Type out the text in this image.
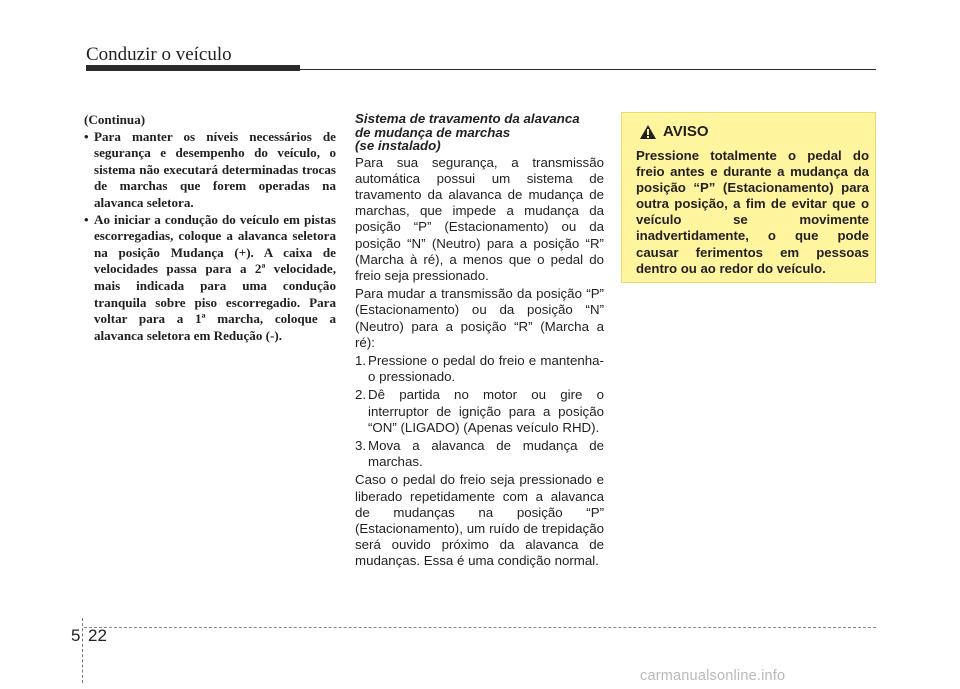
Conduzir o veículo

(Continua)

• Para manter os níveis necessários de segurança e desempenho do veículo, o sistema não executará determinadas trocas de marchas que forem operadas na alavanca seletora.
• Ao iniciar a condução do veículo em pistas escorregadias, coloque a alavanca seletora na posição Mudança (+). A caixa de velocidades passa para a 2ª velocidade, mais indicada para uma condução tranquila sobre piso escorregadio. Para voltar para a 1ª marcha, coloque a alavanca seletora em Redução (-).
Sistema de travamento da alavanca
de mudança de marchas
(se instalado)

Para sua segurança, a transmissão automática possui um sistema de travamento da alavanca de mudança de marchas, que impede a mudança da posição “P” (Estacionamento) ou da posição “N” (Neutro) para a posição “R” (Marcha à ré), a menos que o pedal do freio seja pressionado.

Para mudar a transmissão da posição “P” (Estacionamento) ou da posição “N” (Neutro) para a posição “R” (Marcha a ré):

1. Pressione o pedal do freio e mantenha-o pressionado.
2. Dê partida no motor ou gire o interruptor de ignição para a posição “ON” (LIGADO) (Apenas veículo RHD).
3. Mova a alavanca de mudança de marchas.

Caso o pedal do freio seja pressionado e liberado repetidamente com a alavanca de mudanças na posição “P” (Estacionamento), um ruído de trepidação será ouvido próximo da alavanca de mudanças. Essa é uma condição normal.

AVISO
Pressione totalmente o pedal do freio antes e durante a mudança da posição “P” (Estacionamento) para outra posição, a fim de evitar que o veículo se movimente inadvertidamente, o que pode causar ferimentos em pessoas dentro ou ao redor do veículo.
5 22
carmanualsonline.info
